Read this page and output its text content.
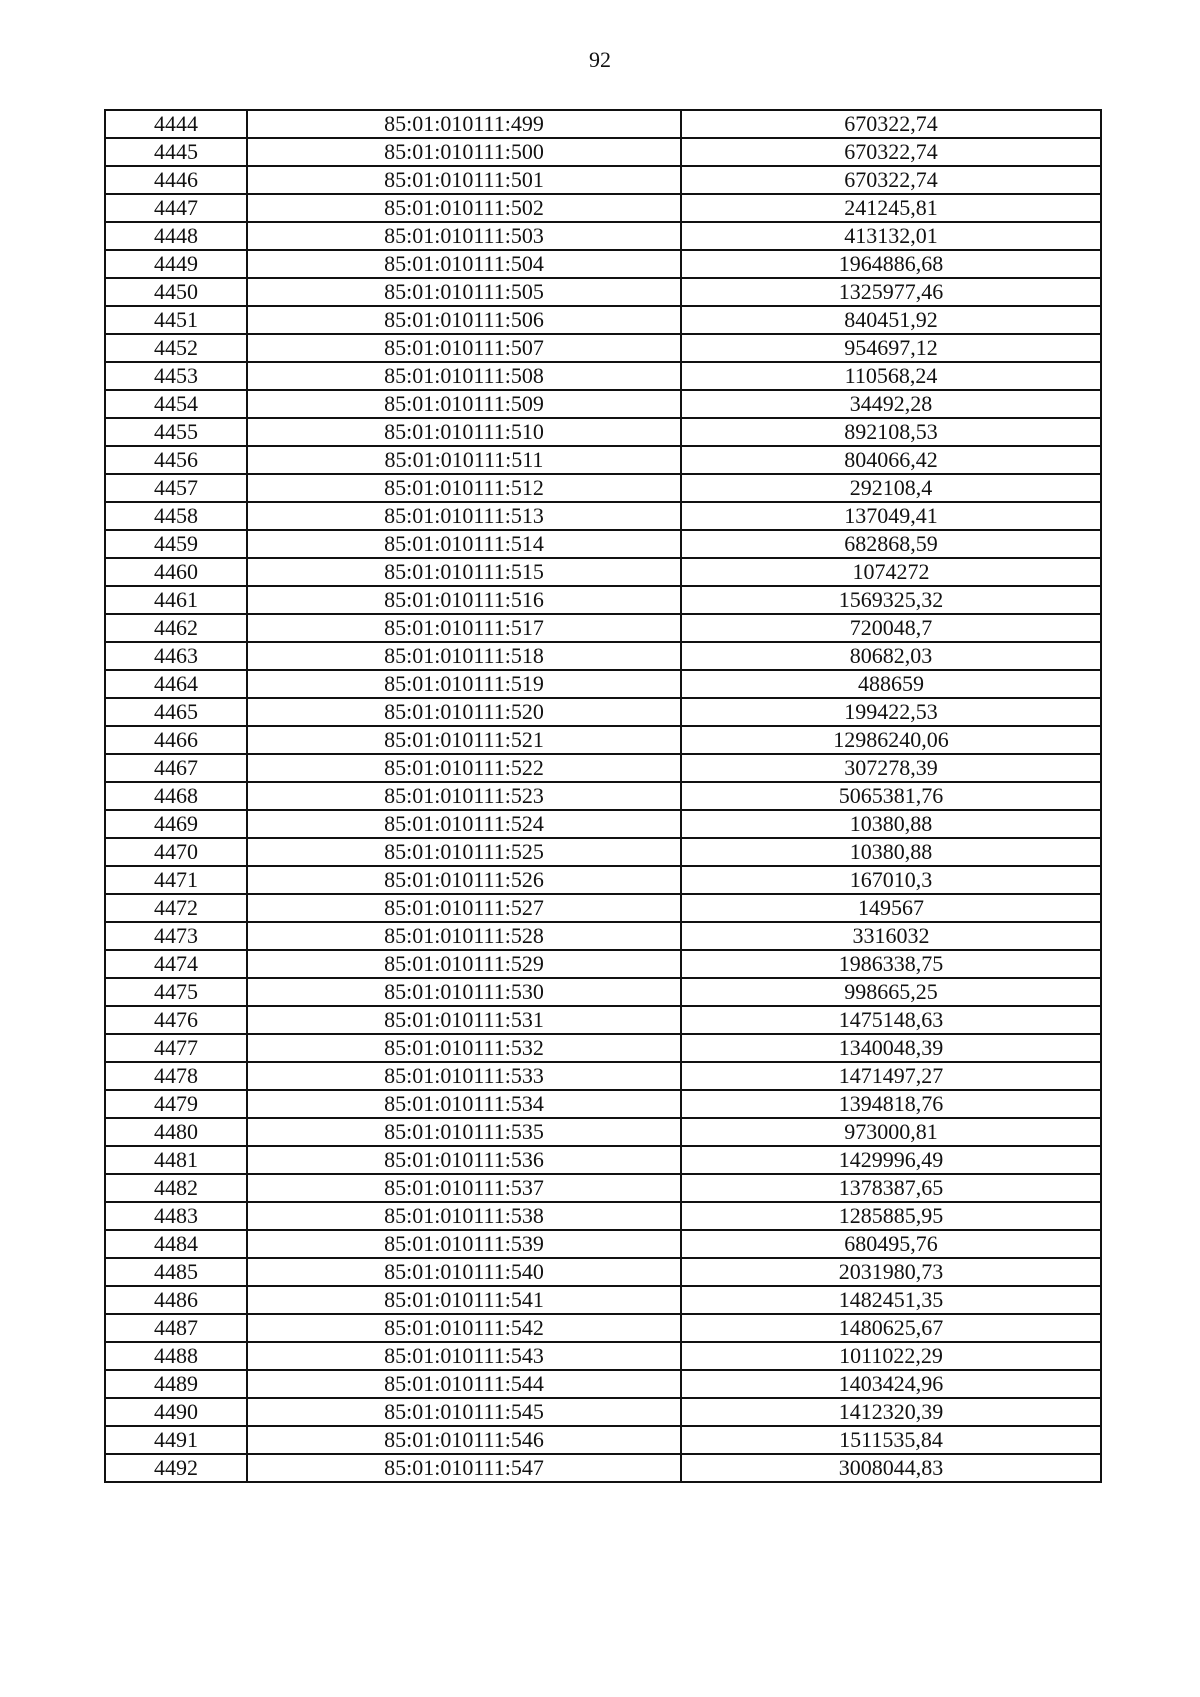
92
4444	85:01:010111:499	670322,74
4445	85:01:010111:500	670322,74
4446	85:01:010111:501	670322,74
4447	85:01:010111:502	241245,81
4448	85:01:010111:503	413132,01
4449	85:01:010111:504	1964886,68
4450	85:01:010111:505	1325977,46
4451	85:01:010111:506	840451,92
4452	85:01:010111:507	954697,12
4453	85:01:010111:508	110568,24
4454	85:01:010111:509	34492,28
4455	85:01:010111:510	892108,53
4456	85:01:010111:511	804066,42
4457	85:01:010111:512	292108,4
4458	85:01:010111:513	137049,41
4459	85:01:010111:514	682868,59
4460	85:01:010111:515	1074272
4461	85:01:010111:516	1569325,32
4462	85:01:010111:517	720048,7
4463	85:01:010111:518	80682,03
4464	85:01:010111:519	488659
4465	85:01:010111:520	199422,53
4466	85:01:010111:521	12986240,06
4467	85:01:010111:522	307278,39
4468	85:01:010111:523	5065381,76
4469	85:01:010111:524	10380,88
4470	85:01:010111:525	10380,88
4471	85:01:010111:526	167010,3
4472	85:01:010111:527	149567
4473	85:01:010111:528	3316032
4474	85:01:010111:529	1986338,75
4475	85:01:010111:530	998665,25
4476	85:01:010111:531	1475148,63
4477	85:01:010111:532	1340048,39
4478	85:01:010111:533	1471497,27
4479	85:01:010111:534	1394818,76
4480	85:01:010111:535	973000,81
4481	85:01:010111:536	1429996,49
4482	85:01:010111:537	1378387,65
4483	85:01:010111:538	1285885,95
4484	85:01:010111:539	680495,76
4485	85:01:010111:540	2031980,73
4486	85:01:010111:541	1482451,35
4487	85:01:010111:542	1480625,67
4488	85:01:010111:543	1011022,29
4489	85:01:010111:544	1403424,96
4490	85:01:010111:545	1412320,39
4491	85:01:010111:546	1511535,84
4492	85:01:010111:547	3008044,83
